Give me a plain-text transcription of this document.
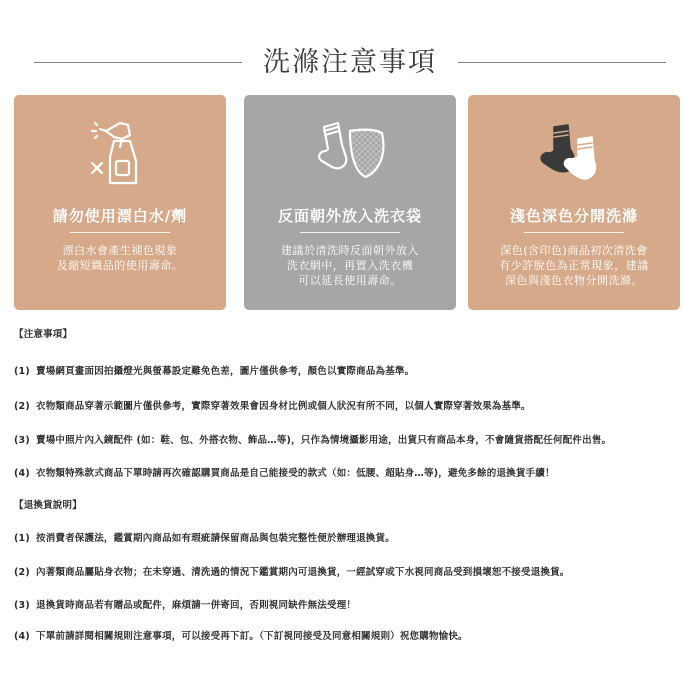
洗滌注意事項
請勿使用漂白水/劑
漂白水會產生褪色現象
及縮短織品的使用壽命。
反面朝外放入洗衣袋
建議於清洗時反面朝外放入
洗衣網中，再置入洗衣機
可以延長使用壽命。
淺色深色分開洗滌
深色(含印色)商品初次清洗會
有少許脫色為正常現象，建議
深色與淺色衣物分開洗滌。
【注意事項】
(1) 賣場網頁畫面因拍攝燈光與螢幕設定難免色差，圖片僅供參考，顏色以實際商品為基準。
(2) 衣物類商品穿著示範圖片僅供參考，實際穿著效果會因身材比例或個人狀況有所不同，以個人實際穿著效果為基準。
(3) 賣場中照片內入鏡配件 (如：鞋、包、外搭衣物、飾品…等)，只作為情境攝影用途，出貨只有商品本身，不會隨貨搭配任何配件出售。
(4) 衣物類特殊款式商品下單時請再次確認購買商品是自己能接受的款式（如：低腰、超貼身…等)，避免多餘的退換貨手續！
【退換貨說明】
(1) 按消費者保護法，鑑賞期內商品如有瑕疵請保留商品與包裝完整性便於辦理退換貨。
(2) 內著類商品屬貼身衣物；在未穿過、清洗過的情況下鑑賞期內可退換貨，一經試穿或下水視同商品受到損壞恕不接受退換貨。
(3) 退換貨時商品若有贈品或配件，麻煩請一併寄回，否則視同缺件無法受理！
(4) 下單前請詳閱相關規則注意事項，可以接受再下訂。（下訂視同接受及同意相關規則）祝您購物愉快。
